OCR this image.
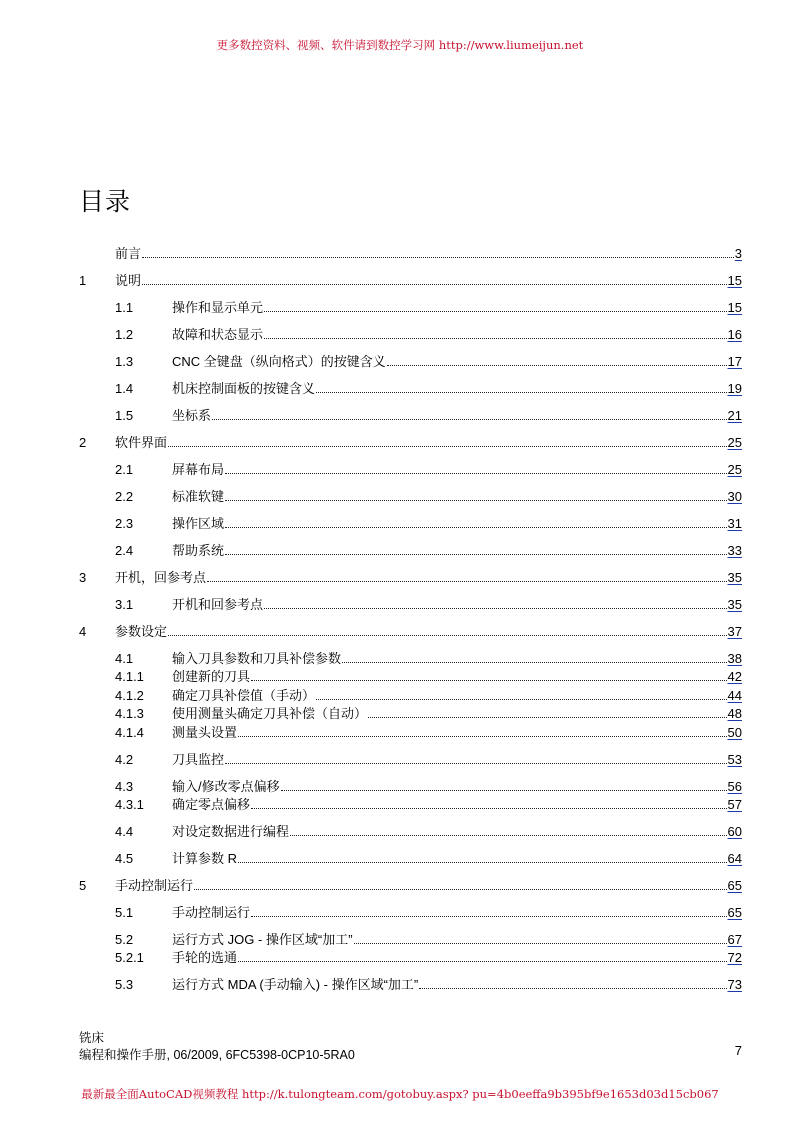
更多数控资料、视频、软件请到数控学习网 http://www.liumeijun.net
目录
前言	3
1 说明	15
1.1	操作和显示单元	15
1.2	故障和状态显示	16
1.3	CNC 全键盘（纵向格式）的按键含义	17
1.4	机床控制面板的按键含义	19
1.5	坐标系	21
2 软件界面	25
2.1	屏幕布局	25
2.2	标准软键	30
2.3	操作区域	31
2.4	帮助系统	33
3 开机，回参考点	35
3.1	开机和回参考点	35
4 参数设定	37
4.1	输入刀具参数和刀具补偿参数	38
4.1.1 创建新的刀具	42
4.1.2 确定刀具补偿值（手动）	44
4.1.3 使用测量头确定刀具补偿（自动）	48
4.1.4 测量头设置	50
4.2	刀具监控	53
4.3	输入/修改零点偏移	56
4.3.1 确定零点偏移	57
4.4	对设定数据进行编程	60
4.5	计算参数 R	64
5 手动控制运行	65
5.1	手动控制运行	65
5.2	运行方式 JOG - 操作区域“加工”	67
5.2.1 手轮的选通	72
5.3	运行方式 MDA (手动输入) - 操作区域“加工”	73
铣床
编程和操作手册, 06/2009, 6FC5398-0CP10-5RA0	7
最新最全面AutoCAD视频教程 http://k.tulongteam.com/gotobuy.aspx? pu=4b0eeffa9b395bf9e1653d03d15cb067
